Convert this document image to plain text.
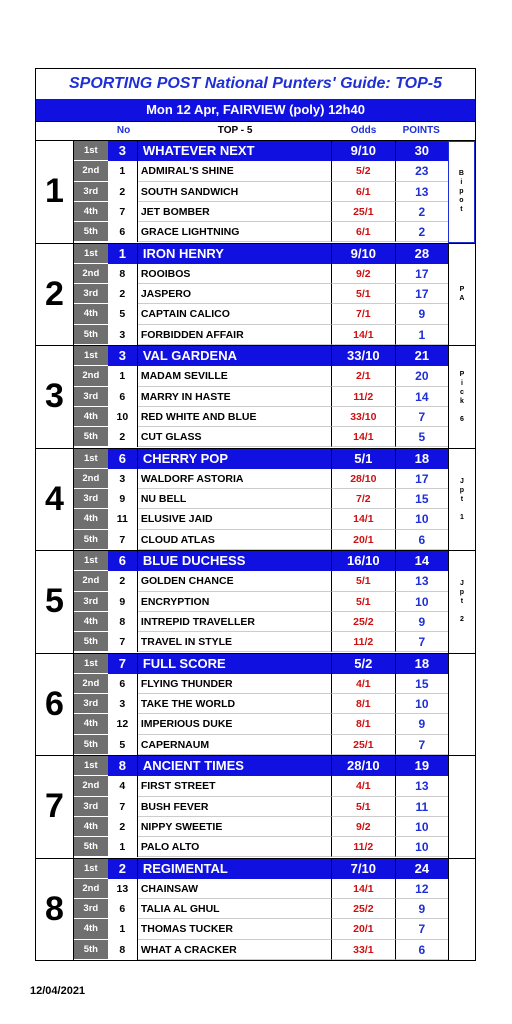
SPORTING POST National Punters' Guide: TOP-5
Mon 12 Apr, FAIRVIEW (poly) 12h40
No	TOP - 5	Odds	POINTS
1
1st	3	WHATEVER NEXT	9/10	30
2nd	1	ADMIRAL'S SHINE	5/2	23
3rd	2	SOUTH SANDWICH	6/1	13
4th	7	JET BOMBER	25/1	2
5th	6	GRACE LIGHTNING	6/1	2
B
i
p
o
t
2
1st	1	IRON HENRY	9/10	28
2nd	8	ROOIBOS	9/2	17
3rd	2	JASPERO	5/1	17
4th	5	CAPTAIN CALICO	7/1	9
5th	3	FORBIDDEN AFFAIR	14/1	1
P
A
3
1st	3	VAL GARDENA	33/10	21
2nd	1	MADAM SEVILLE	2/1	20
3rd	6	MARRY IN HASTE	11/2	14
4th	10	RED WHITE AND BLUE	33/10	7
5th	2	CUT GLASS	14/1	5
P
i
c
k

6
4
1st	6	CHERRY POP	5/1	18
2nd	3	WALDORF ASTORIA	28/10	17
3rd	9	NU BELL	7/2	15
4th	11	ELUSIVE JAID	14/1	10
5th	7	CLOUD ATLAS	20/1	6
J
p
t

1
5
1st	6	BLUE DUCHESS	16/10	14
2nd	2	GOLDEN CHANCE	5/1	13
3rd	9	ENCRYPTION	5/1	10
4th	8	INTREPID TRAVELLER	25/2	9
5th	7	TRAVEL IN STYLE	11/2	7
J
p
t

2
6
1st	7	FULL SCORE	5/2	18
2nd	6	FLYING THUNDER	4/1	15
3rd	3	TAKE THE WORLD	8/1	10
4th	12	IMPERIOUS DUKE	8/1	9
5th	5	CAPERNAUM	25/1	7
7
1st	8	ANCIENT TIMES	28/10	19
2nd	4	FIRST STREET	4/1	13
3rd	7	BUSH FEVER	5/1	11
4th	2	NIPPY SWEETIE	9/2	10
5th	1	PALO ALTO	11/2	10
8
1st	2	REGIMENTAL	7/10	24
2nd	13	CHAINSAW	14/1	12
3rd	6	TALIA AL GHUL	25/2	9
4th	1	THOMAS TUCKER	20/1	7
5th	8	WHAT A CRACKER	33/1	6
12/04/2021
